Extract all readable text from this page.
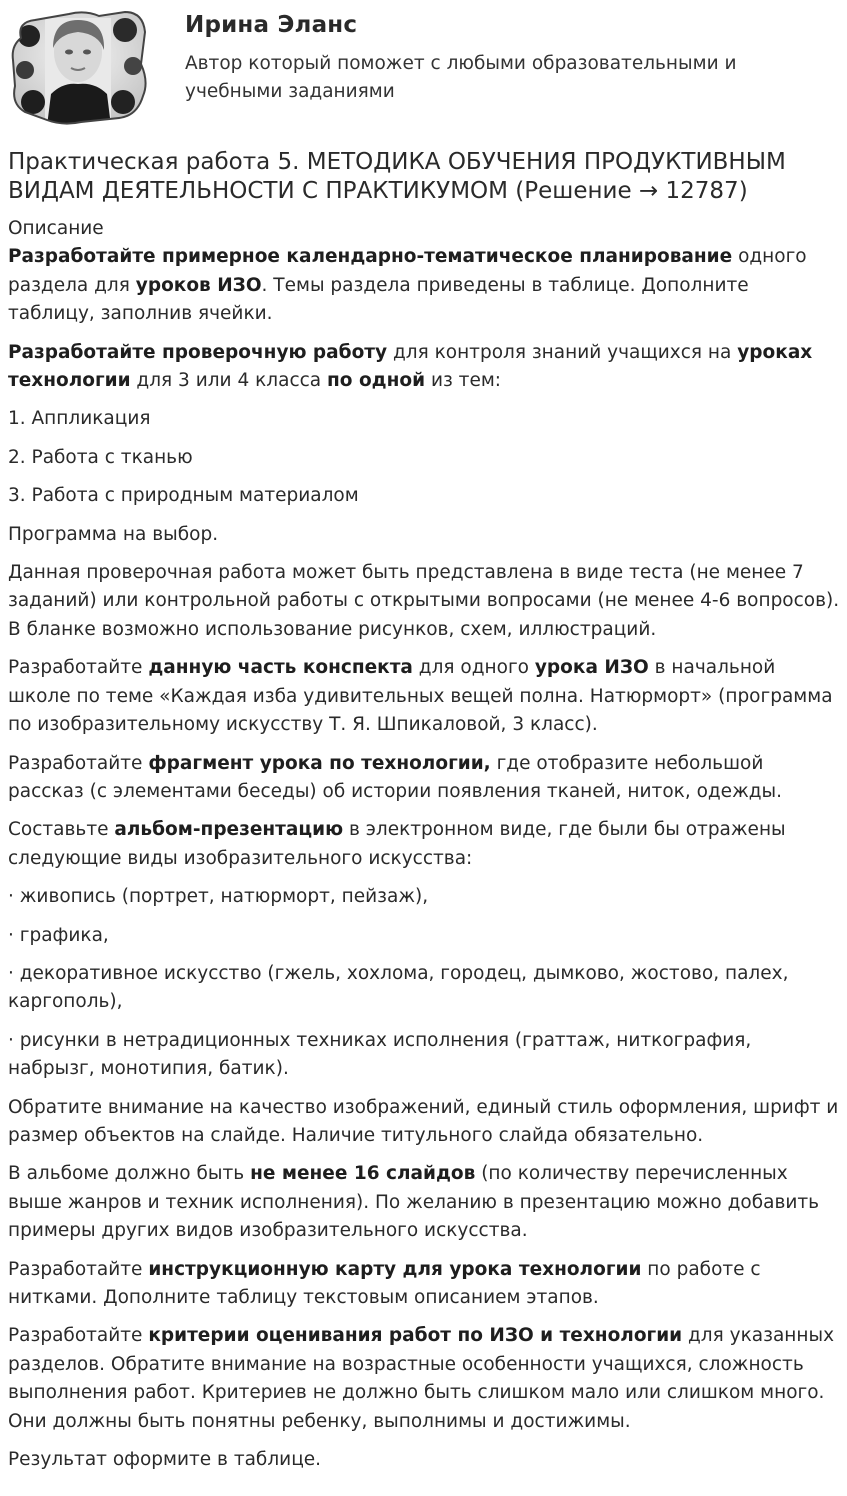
Ирина Эланс
Автор который поможет с любыми образовательными и учебными заданиями
Практическая работа 5. МЕТОДИКА ОБУЧЕНИЯ ПРОДУКТИВНЫМ ВИДАМ ДЕЯТЕЛЬНОСТИ С ПРАКТИКУМОМ (Решение → 12787)

Описание

Разработайте примерное календарно-тематическое планирование одного раздела для уроков ИЗО. Темы раздела приведены в таблице. Дополните таблицу, заполнив ячейки.

Разработайте проверочную работу для контроля знаний учащихся на уроках технологии для 3 или 4 класса по одной из тем:

1. Аппликация

2. Работа с тканью

3. Работа с природным материалом

Программа на выбор.

Данная проверочная работа может быть представлена в виде теста (не менее 7 заданий) или контрольной работы с открытыми вопросами (не менее 4-6 вопросов). В бланке возможно использование рисунков, схем, иллюстраций.

Разработайте данную часть конспекта для одного урока ИЗО в начальной школе по теме «Каждая изба удивительных вещей полна. Натюрморт» (программа по изобразительному искусству Т. Я. Шпикаловой, 3 класс).

Разработайте фрагмент урока по технологии, где отобразите небольшой рассказ (с элементами беседы) об истории появления тканей, ниток, одежды.

Составьте альбом-презентацию в электронном виде, где были бы отражены следующие виды изобразительного искусства:

· живопись (портрет, натюрморт, пейзаж),

· графика,

· декоративное искусство (гжель, хохлома, городец, дымково, жостово, палех, каргополь),

· рисунки в нетрадиционных техниках исполнения (граттаж, ниткография, набрызг, монотипия, батик).

Обратите внимание на качество изображений, единый стиль оформления, шрифт и размер объектов на слайде. Наличие титульного слайда обязательно.

В альбоме должно быть не менее 16 слайдов (по количеству перечисленных выше жанров и техник исполнения). По желанию в презентацию можно добавить примеры других видов изобразительного искусства.

Разработайте инструкционную карту для урока технологии по работе с нитками. Дополните таблицу текстовым описанием этапов.

Разработайте критерии оценивания работ по ИЗО и технологии для указанных разделов. Обратите внимание на возрастные особенности учащихся, сложность выполнения работ. Критериев не должно быть слишком мало или слишком много. Они должны быть понятны ребенку, выполнимы и достижимы.

Результат оформите в таблице.
